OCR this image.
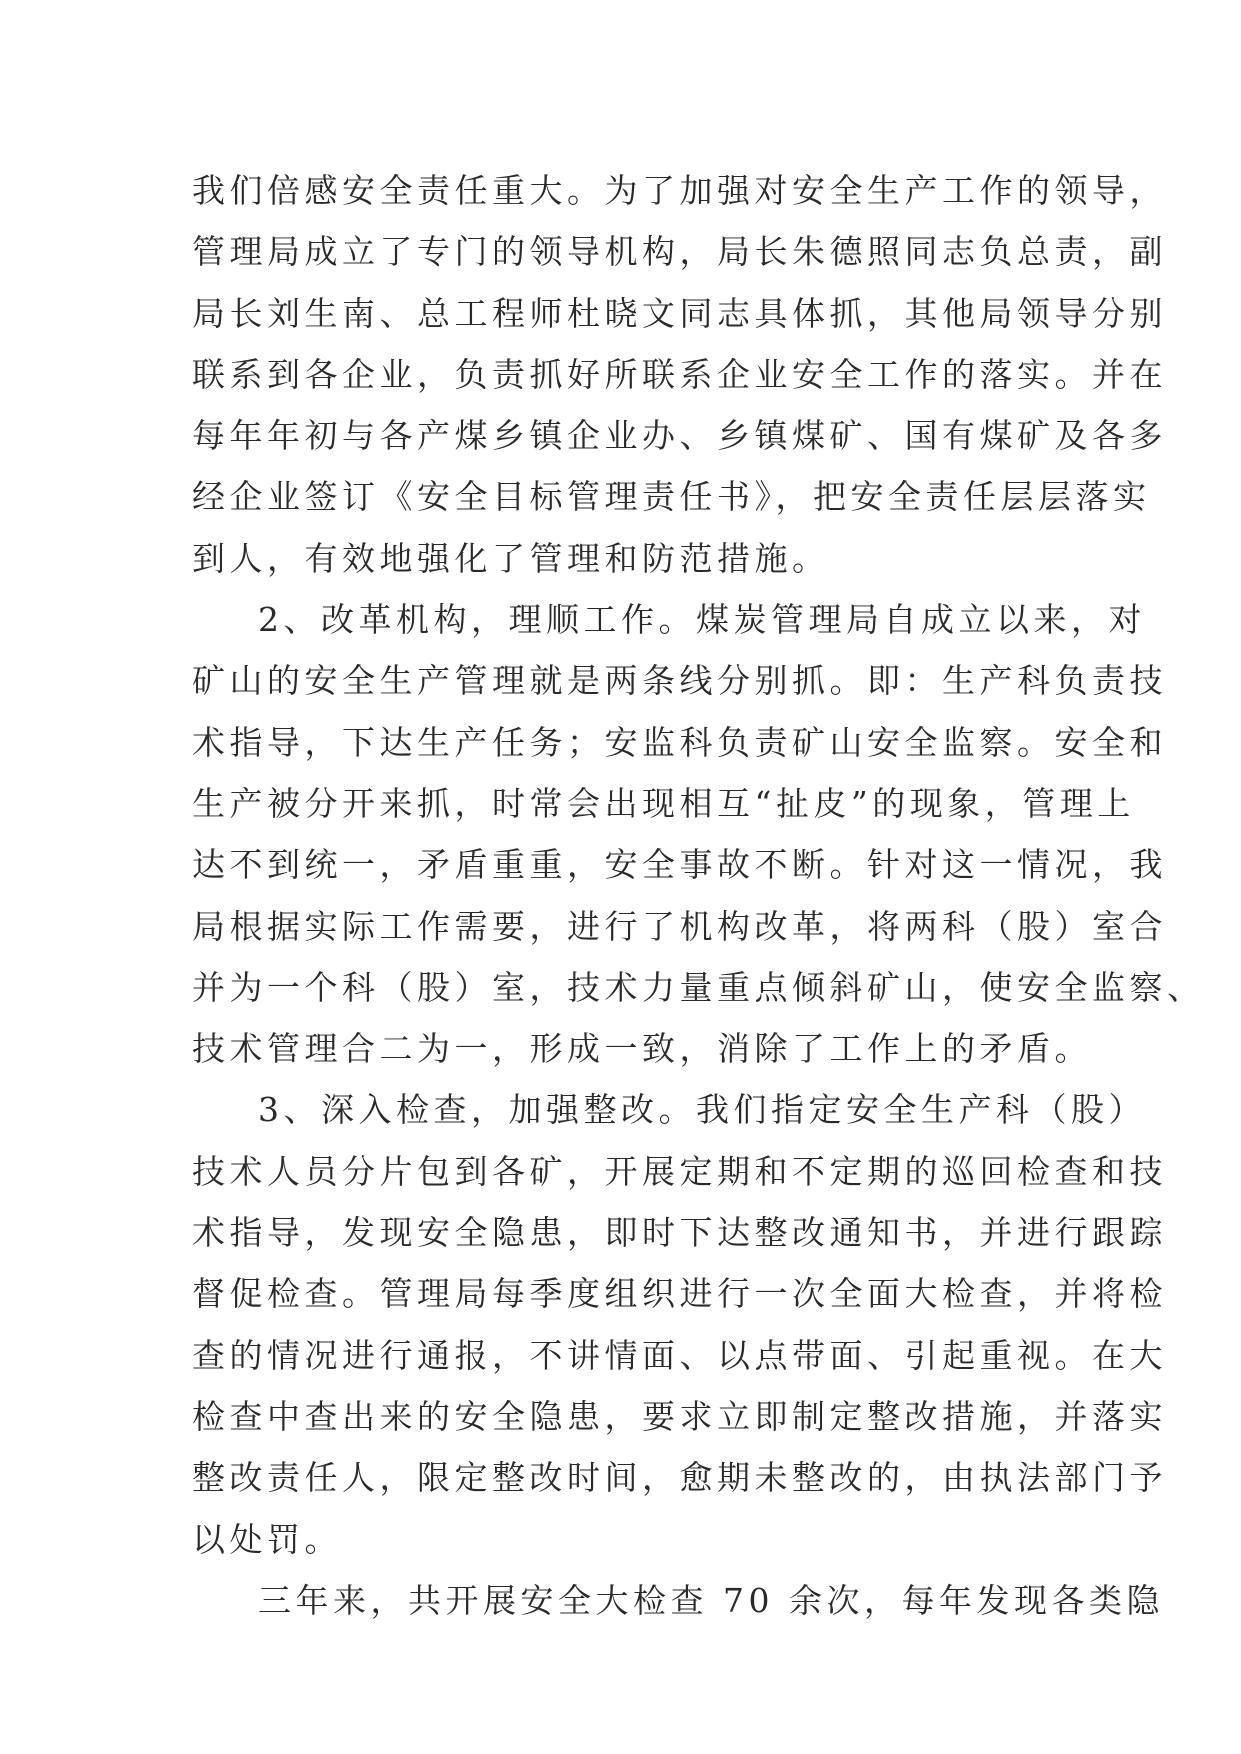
我们倍感安全责任重大。为了加强对安全生产工作的领导，
管理局成立了专门的领导机构，局长朱德照同志负总责，副
局长刘生南、总工程师杜晓文同志具体抓，其他局领导分别
联系到各企业，负责抓好所联系企业安全工作的落实。并在
每年年初与各产煤乡镇企业办、乡镇煤矿、国有煤矿及各多
经企业签订《安全目标管理责任书》，把安全责任层层落实
到人，有效地强化了管理和防范措施。
2、改革机构，理顺工作。煤炭管理局自成立以来，对
矿山的安全生产管理就是两条线分别抓。即：生产科负责技
术指导，下达生产任务；安监科负责矿山安全监察。安全和
生产被分开来抓，时常会出现相互“扯皮”的现象，管理上
达不到统一，矛盾重重，安全事故不断。针对这一情况，我
局根据实际工作需要，进行了机构改革，将两科（股）室合
并为一个科（股）室，技术力量重点倾斜矿山，使安全监察、
技术管理合二为一，形成一致，消除了工作上的矛盾。
3、深入检查，加强整改。我们指定安全生产科（股）
技术人员分片包到各矿，开展定期和不定期的巡回检查和技
术指导，发现安全隐患，即时下达整改通知书，并进行跟踪
督促检查。管理局每季度组织进行一次全面大检查，并将检
查的情况进行通报，不讲情面、以点带面、引起重视。在大
检查中查出来的安全隐患，要求立即制定整改措施，并落实
整改责任人，限定整改时间，愈期未整改的，由执法部门予
以处罚。
三年来，共开展安全大检查 70 余次，每年发现各类隐
